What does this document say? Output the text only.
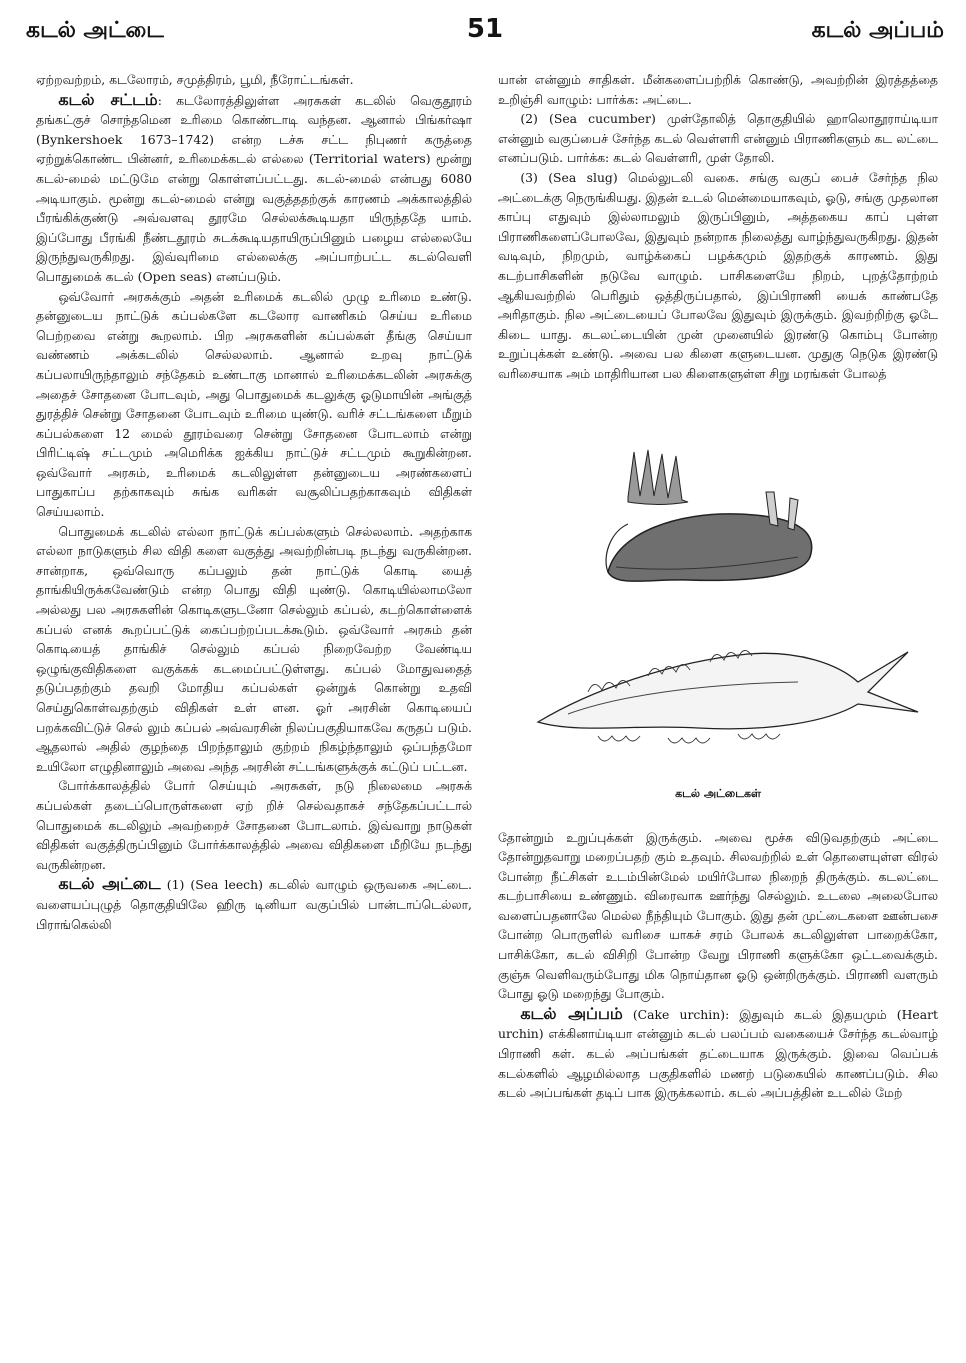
கடல் அட்டை	51	கடல் அப்பம்

ஏற்றவற்றம், கடலோரம், சமுத்திரம், பூமி, நீரோட்டங்கள்.

கடல் சட்டம்: கடலோரத்திலுள்ள அரசுகள் கடலில் வெகுதூரம் தங்கட்குச் சொந்தமென உரிமை கொண்டாடி வந்தன. ஆனால் பிங்கர்ஷா (Bynkershoek 1673–1742) என்ற டச்சு சட்ட நிபுணர் கருத்தை ஏற்றுக்கொண்ட பின்னர், உரிமைக்கடல் எல்லை (Territorial waters) மூன்று கடல்-மைல் மட்டுமே என்று கொள்ளப்பட்டது. கடல்-மைல் என்பது 6080 அடியாகும். மூன்று கடல்-மைல் என்று வகுத்ததற்குக் காரணம் அக்காலத்தில் பீரங்கிக்குண்டு அவ்வளவு தூரமே செல்லக்கூடியதா யிருந்ததே யாம். இப்போது பீரங்கி நீண்டதூரம் சுடக்கூடியதாயிருப்பினும் பழைய எல்லையே இருந்துவருகிறது. இவ்வுரிமை எல்லைக்கு அப்பாற்பட்ட கடல்வெளி பொதுமைக் கடல் (Open seas) எனப்படும்.

ஒவ்வோர் அரசுக்கும் அதன் உரிமைக் கடலில் முழு உரிமை உண்டு. தன்னுடைய நாட்டுக் கப்பல்களே கடலோர வாணிகம் செய்ய உரிமை பெற்றவை என்று கூறலாம். பிற அரசுகளின் கப்பல்கள் தீங்கு செய்யா வண்ணம் அக்கடலில் செல்லலாம். ஆனால் உறவு நாட்டுக் கப்பலாயிருந்தாலும் சந்தேகம் உண்டாகு மானால் உரிமைக்கடலின் அரசுக்கு அதைச் சோதனை போடவும், அது பொதுமைக் கடலுக்கு ஓடுமாயின் அங்குத் துரத்திச் சென்று சோதனை போடவும் உரிமை யுண்டு. வரிச் சட்டங்களை மீறும் கப்பல்களை 12 மைல் தூரம்வரை சென்று சோதனை போடலாம் என்று பிரிட்டிஷ் சட்டமும் அமெரிக்க ஐக்கிய நாட்டுச் சட்டமும் கூறுகின்றன. ஒவ்வோர் அரசும், உரிமைக் கடலிலுள்ள தன்னுடைய அரண்களைப் பாதுகாப்ப தற்காகவும் சுங்க வரிகள் வசூலிப்பதற்காகவும் விதிகள் செய்யலாம்.

பொதுமைக் கடலில் எல்லா நாட்டுக் கப்பல்களும் செல்லலாம். அதற்காக எல்லா நாடுகளும் சில விதி களை வகுத்து அவற்றின்படி நடந்து வருகின்றன. சான்றாக, ஒவ்வொரு கப்பலும் தன் நாட்டுக் கொடி யைத் தாங்கியிருக்கவேண்டும் என்ற பொது விதி யுண்டு. கொடியில்லாமலோ அல்லது பல அரசுகளின் கொடிகளுடனோ செல்லும் கப்பல், கடற்கொள்ளைக் கப்பல் எனக் கூறப்பட்டுக் கைப்பற்றப்படக்கூடும். ஒவ்வோர் அரசும் தன் கொடியைத் தாங்கிச் செல்லும் கப்பல் நிறைவேற்ற வேண்டிய ஒழுங்குவிதிகளை வகுக்கக் கடமைப்பட்டுள்ளது. கப்பல் மோதுவதைத் தடுப்பதற்கும் தவறி மோதிய கப்பல்கள் ஒன்றுக் கொன்று உதவி செய்துகொள்வதற்கும் விதிகள் உள் ளன. ஓர் அரசின் கொடியைப் பறக்கவிட்டுச் செல் லும் கப்பல் அவ்வரசின் நிலப்பகுதியாகவே கருதப் படும். ஆதலால் அதில் குழந்தை பிறந்தாலும் குற்றம் நிகழ்ந்தாலும் ஒப்பந்தமோ உயிலோ எழுதினாலும் அவை அந்த அரசின் சட்டங்களுக்குக் கட்டுப் பட்டன.

போர்க்காலத்தில் போர் செய்யும் அரசுகள், நடு நிலைமை அரசுக் கப்பல்கள் தடைப்பொருள்களை ஏற் றிச் செல்வதாகச் சந்தேகப்பட்டால் பொதுமைக் கடலிலும் அவற்றைச் சோதனை போடலாம். இவ்வாறு நாடுகள் விதிகள் வகுத்திருப்பினும் போர்க்காலத்தில் அவை விதிகளை மீறியே நடந்து வருகின்றன.

கடல் அட்டை (1) (Sea leech) கடலில் வாழும் ஒருவகை அட்டை. வளையப்புழுத் தொகுதியிலே ஹிரு டினியா வகுப்பில் பான்டாப்டெல்லா, பிராங்கெல்லி

யான் என்னும் சாதிகள். மீன்களைப்பற்றிக் கொண்டு, அவற்றின் இரத்தத்தை உறிஞ்சி வாழும்: பார்க்க: அட்டை.

(2) (Sea cucumber) முள்தோலித் தொகுதியில் ஹாலொதூராய்டியா என்னும் வகுப்பைச் சேர்ந்த கடல் வெள்ளரி என்னும் பிராணிகளும் கட லட்டை எனப்படும். பார்க்க: கடல் வெள்ளரி, முள் தோலி.

(3) (Sea slug) மெல்லுடலி வகை. சங்கு வகுப் பைச் சேர்ந்த நில அட்டைக்கு நெருங்கியது. இதன் உடல் மென்மையாகவும், ஓடு, சங்கு முதலான காப்பு எதுவும் இல்லாமலும் இருப்பினும், அத்தகைய காப் புள்ள பிராணிகளைப்போலவே, இதுவும் நன்றாக நிலைத்து வாழ்ந்துவருகிறது. இதன் வடிவும், நிறமும், வாழ்க்கைப் பழக்கமும் இதற்குக் காரணம். இது கடற்பாசிகளின் நடுவே வாழும். பாசிகளையே நிறம், புறத்தோற்றம் ஆகியவற்றில் பெரிதும் ஒத்திருப்பதால், இப்பிராணி யைக் காண்பதே அரிதாகும். நில அட்டையைப் போலவே இதுவும் இருக்கும். இவற்றிற்கு ஓடே கிடை யாது. கடலட்டையின் முன் முனையில் இரண்டு கொம்பு போன்ற உறுப்புக்கள் உண்டு. அவை பல கிளை களுடையன. முதுகு நெடுக இரண்டு வரிசையாக அம் மாதிரியான பல கிளைகளுள்ள சிறு மரங்கள் போலத்

கடல் அட்டைகள்

தோன்றும் உறுப்புக்கள் இருக்கும். அவை மூச்சு விடுவதற்கும் அட்டை தோன்றுதவாறு மறைப்பதற் கும் உதவும். சிலவற்றில் உள் தொளையுள்ள விரல் போன்ற நீட்சிகள் உடம்பின்மேல் மயிர்போல நிறைந் திருக்கும். கடலட்டை கடற்பாசியை உண்ணும். விரைவாக ஊர்ந்து செல்லும். உடலை அலைபோல வளைப்பதனாலே மெல்ல நீந்தியும் போகும். இது தன் முட்டைகளை ஊன்பசை போன்ற பொருளில் வரிசை யாகச் சரம் போலக் கடலிலுள்ள பாறைக்கோ, பாசிக்கோ, கடல் விசிறி போன்ற வேறு பிராணி களுக்கோ ஒட்டவைக்கும். குஞ்சு வெளிவரும்போது மிக நொய்தான ஓடு ஒன்றிருக்கும். பிராணி வளரும் போது ஓடு மறைந்து போகும்.

கடல் அப்பம் (Cake urchin): இதுவும் கடல் இதயமும் (Heart urchin) எக்கினாய்டியா என்னும் கடல் பலப்பம் வகையைச் சேர்ந்த கடல்வாழ் பிராணி கள். கடல் அப்பங்கள் தட்டையாக இருக்கும். இவை வெப்பக் கடல்களில் ஆழமில்லாத பகுதிகளில் மணற் படுகையில் காணப்படும். சில கடல் அப்பங்கள் தடிப் பாக இருக்கலாம். கடல் அப்பத்தின் உடலில் மேற்
